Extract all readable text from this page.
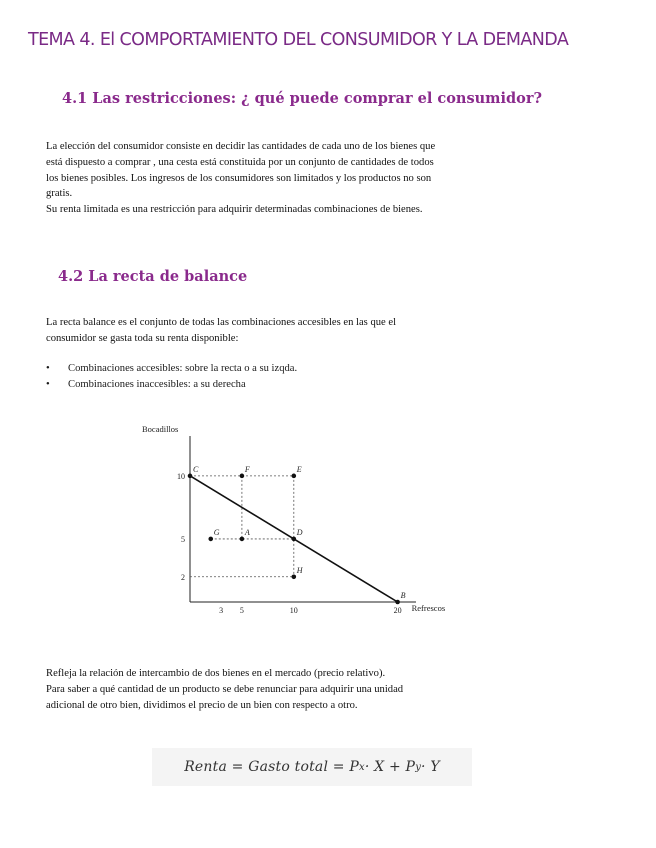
TEMA 4. El COMPORTAMIENTO DEL CONSUMIDOR Y LA DEMANDA
4.1 Las restricciones: ¿ qué puede comprar el consumidor?

La elección del consumidor consiste en decidir las cantidades de cada uno de los bienes que

está dispuesto a comprar , una cesta está constituida por un conjunto de cantidades de todos

los bienes posibles. Los ingresos de los consumidores son limitados y los productos no son

gratis.

Su renta limitada es una restricción para adquirir determinadas combinaciones de bienes.

4.2 La recta de balance

La recta balance es el conjunto de todas las combinaciones accesibles en las que el

consumidor se gasta toda su renta disponible:

• Combinaciones accesibles: sobre la recta o a su izqda.
• Combinaciones inaccesibles: a su derecha
Bocadillos
Refrescos
3 5	10	20
10
5
2
C	F	E
G	A	D
H
B

Refleja la relación de intercambio de dos bienes en el mercado (precio relativo).

Para saber a qué cantidad de un producto se debe renunciar para adquirir una unidad

adicional de otro bien, dividimos el precio de un bien con respecto a otro.

Renta = Gasto total = P x · X + P y · Y
